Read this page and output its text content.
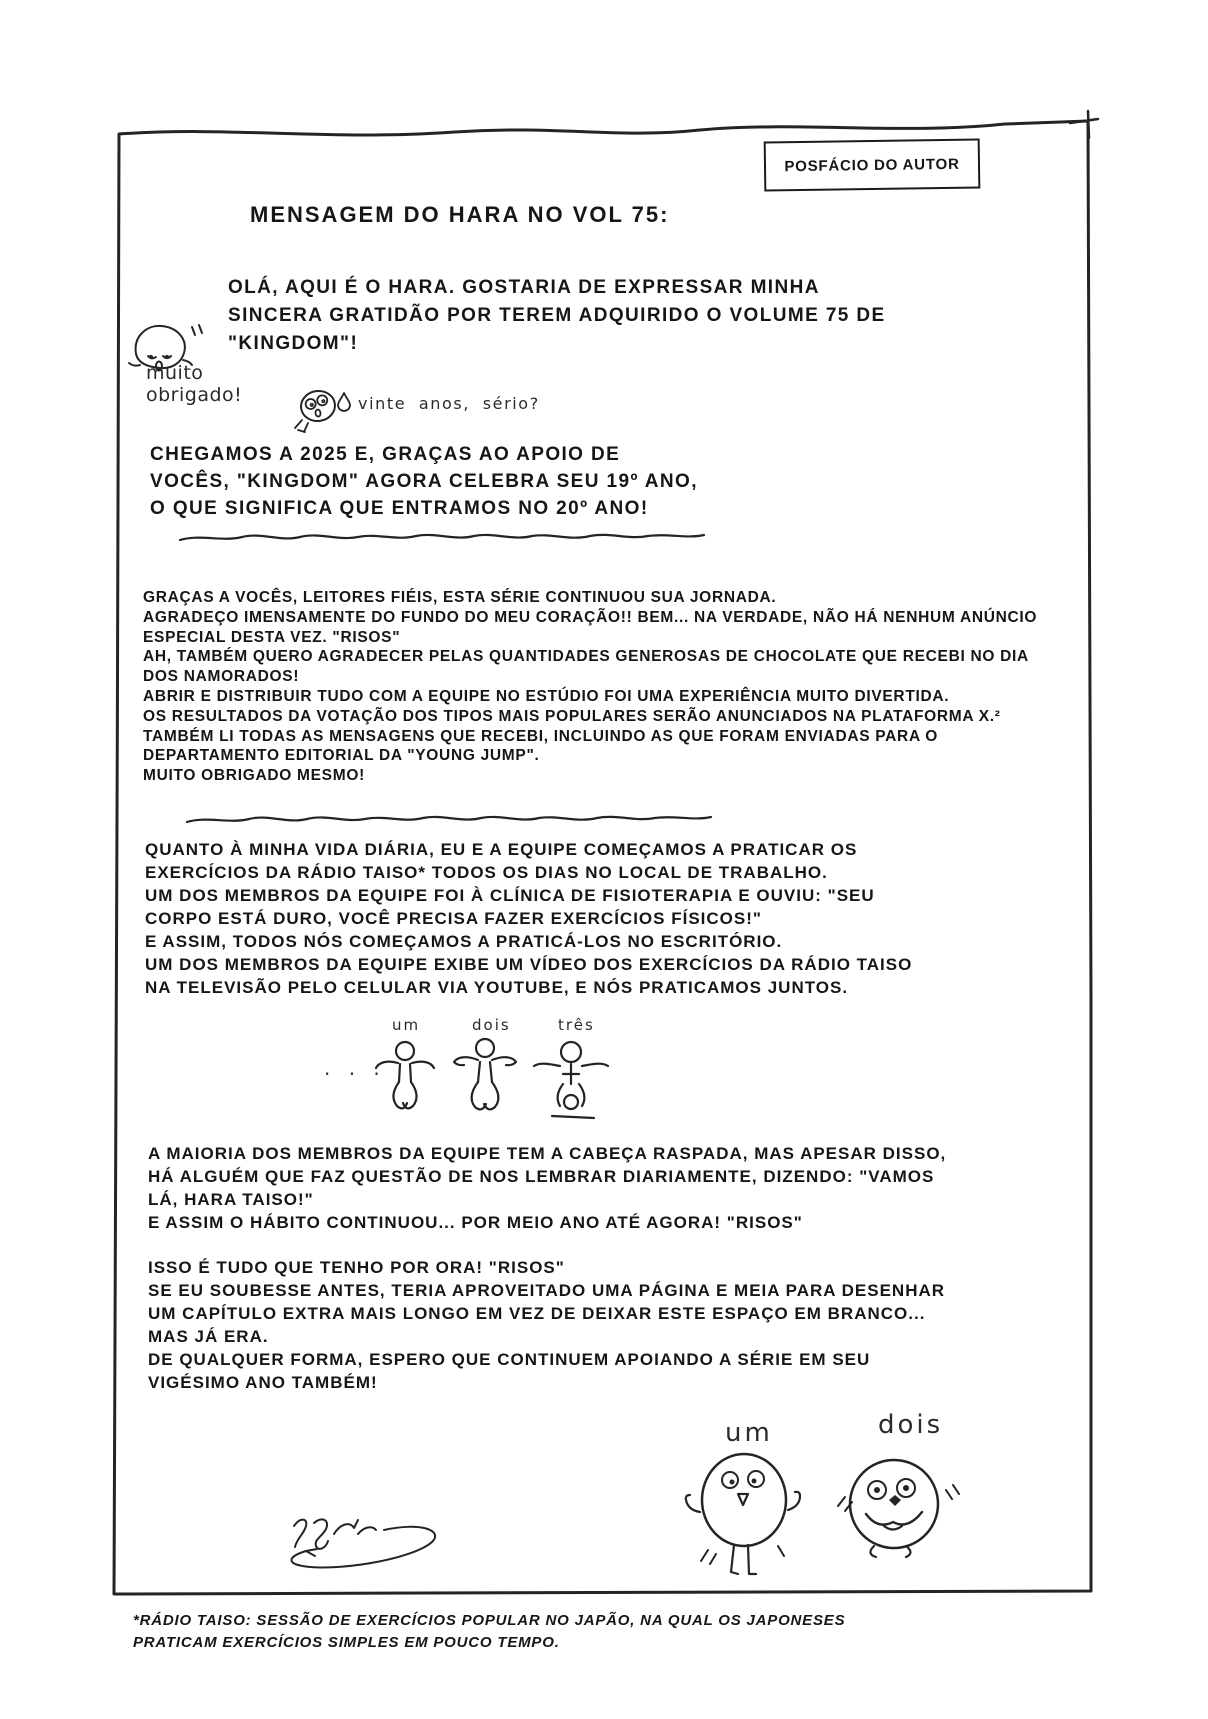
POSFÁCIO DO AUTOR
MENSAGEM DO HARA NO VOL 75:
OLÁ, AQUI É O HARA. GOSTARIA DE EXPRESSAR MINHA
SINCERA GRATIDÃO POR TEREM ADQUIRIDO O VOLUME 75 DE
"KINGDOM"!
muito
obrigado!	vinte anos, sério?
CHEGAMOS A 2025 E, GRAÇAS AO APOIO DE
VOCÊS, "KINGDOM" AGORA CELEBRA SEU 19º ANO,
O QUE SIGNIFICA QUE ENTRAMOS NO 20º ANO!
GRAÇAS A VOCÊS, LEITORES FIÉIS, ESTA SÉRIE CONTINUOU SUA JORNADA.
AGRADEÇO IMENSAMENTE DO FUNDO DO MEU CORAÇÃO!! BEM... NA VERDADE, NÃO HÁ NENHUM ANÚNCIO
ESPECIAL DESTA VEZ. "RISOS"
AH, TAMBÉM QUERO AGRADECER PELAS QUANTIDADES GENEROSAS DE CHOCOLATE QUE RECEBI NO DIA
DOS NAMORADOS!
ABRIR E DISTRIBUIR TUDO COM A EQUIPE NO ESTÚDIO FOI UMA EXPERIÊNCIA MUITO DIVERTIDA.
OS RESULTADOS DA VOTAÇÃO DOS TIPOS MAIS POPULARES SERÃO ANUNCIADOS NA PLATAFORMA X.²
TAMBÉM LI TODAS AS MENSAGENS QUE RECEBI, INCLUINDO AS QUE FORAM ENVIADAS PARA O
DEPARTAMENTO EDITORIAL DA "YOUNG JUMP".
MUITO OBRIGADO MESMO!
QUANTO À MINHA VIDA DIÁRIA, EU E A EQUIPE COMEÇAMOS A PRATICAR OS
EXERCÍCIOS DA RÁDIO TAISO* TODOS OS DIAS NO LOCAL DE TRABALHO.
UM DOS MEMBROS DA EQUIPE FOI À CLÍNICA DE FISIOTERAPIA E OUVIU: "SEU
CORPO ESTÁ DURO, VOCÊ PRECISA FAZER EXERCÍCIOS FÍSICOS!"
E ASSIM, TODOS NÓS COMEÇAMOS A PRATICÁ-LOS NO ESCRITÓRIO.
UM DOS MEMBROS DA EQUIPE EXIBE UM VÍDEO DOS EXERCÍCIOS DA RÁDIO TAISO
NA TELEVISÃO PELO CELULAR VIA YOUTUBE, E NÓS PRATICAMOS JUNTOS.
· · ·
um	dois	três
A MAIORIA DOS MEMBROS DA EQUIPE TEM A CABEÇA RASPADA, MAS APESAR DISSO,
HÁ ALGUÉM QUE FAZ QUESTÃO DE NOS LEMBRAR DIARIAMENTE, DIZENDO: "VAMOS
LÁ, HARA TAISO!"
E ASSIM O HÁBITO CONTINUOU... POR MEIO ANO ATÉ AGORA! "RISOS"
ISSO É TUDO QUE TENHO POR ORA! "RISOS"
SE EU SOUBESSE ANTES, TERIA APROVEITADO UMA PÁGINA E MEIA PARA DESENHAR
UM CAPÍTULO EXTRA MAIS LONGO EM VEZ DE DEIXAR ESTE ESPAÇO EM BRANCO...
MAS JÁ ERA.
DE QUALQUER FORMA, ESPERO QUE CONTINUEM APOIANDO A SÉRIE EM SEU
VIGÉSIMO ANO TAMBÉM!
um	dois
*RÁDIO TAISO: SESSÃO DE EXERCÍCIOS POPULAR NO JAPÃO, NA QUAL OS JAPONESES
PRATICAM EXERCÍCIOS SIMPLES EM POUCO TEMPO.
